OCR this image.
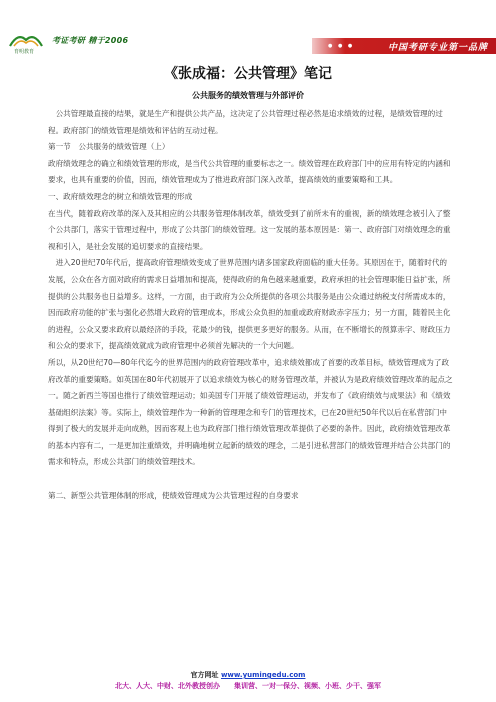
育明教育
考证考研 精于2006
● ● ●	中国考研专业第一品牌
《张成福：公共管理》笔记
公共服务的绩效管理与外部评价

　公共管理最直接的结果，就是生产和提供公共产品，这决定了公共管理过程必然是追求绩效的过程，是绩效管理的过程。政府部门的绩效管理是绩效和评估的互动过程。

第一节　公共服务的绩效管理（上）

政府绩效理念的确立和绩效管理的形成，是当代公共管理的重要标志之一。绩效管理在政府部门中的应用有特定的内涵和要求，也具有重要的价值，因而，绩效管理成为了推进政府部门深入改革，提高绩效的重要策略和工具。

一、政府绩效理念的树立和绩效管理的形成

在当代，随着政府改革的深入及其相应的公共服务管理体制改革，绩效受到了前所未有的重视，新的绩效理念被引入了整个公共部门，落实于管理过程中，形成了公共部门的绩效管理。这一发展的基本原因是：第一、政府部门对绩效理念的重视和引入，是社会发展的追切要求的直接结果。

　进入20世纪70年代后，提高政府管理绩效变成了世界范围内诸多国家政府面临的重大任务。其原因在于，随着时代的发展，公众在各方面对政府的需求日益增加和提高，使得政府的角色越来越重要，政府承担的社会管理职能日益扩张，所提供的公共服务也日益增多。这样，一方面，由于政府为公众所提供的各项公共服务是由公众通过纳税支付所需成本的，因而政府功能的扩张与强化必然增大政府的管理成本，形成公众负担的加重或政府财政赤字压力；另一方面，随着民主化的进程，公众又要求政府以最经济的手段，花最少的钱，提供更多更好的服务。从而，在不断增长的预算赤字、财政压力和公众的要求下，提高绩效就成为政府管理中必须首先解决的一个大问题。

所以，从20世纪70—80年代迄今的世界范围内的政府管理改革中，追求绩效都成了首要的改革目标，绩效管理成为了政府改革的重要策略。如英国在80年代初展开了以追求绩效为核心的财务管理改革，并被认为是政府绩效管理改革的起点之一。随之新西兰等国也推行了绩效管理运动；如美国专门开展了绩效管理运动，并发布了《政府绩效与成果法》和《绩效基础组织法案》等。实际上，绩效管理作为一种新的管理理念和专门的管理技术，已在20世纪50年代以后在私营部门中得到了极大的发展并走向成熟，因而客观上也为政府部门推行绩效管理改革提供了必要的条件。因此，政府绩效管理改革的基本内容有二，一是更加注重绩效，并明确地树立起新的绩效的理念，二是引进私营部门的绩效管理并结合公共部门的需求和特点，形成公共部门的绩效管理技术。

第二、新型公共管理体制的形成，使绩效管理成为公共管理过程的自身要求

官方网址 www.yumingedu.com
北大、人大、中财、北外教授创办　　集训营、一对一保分、视频、小班、少干、强军
